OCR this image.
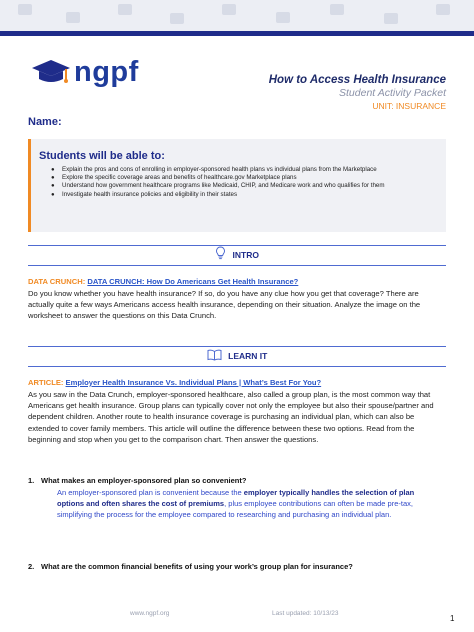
ngpf	How to Access Health Insurance
Student Activity Packet
UNIT: INSURANCE
Name:
Students will be able to:
● Explain the pros and cons of enrolling in employer-sponsored health plans vs individual plans from the Marketplace
● Explore the specific coverage areas and benefits of healthcare.gov Marketplace plans
● Understand how government healthcare programs like Medicaid, CHIP, and Medicare work and who qualifies for them
● Investigate health insurance policies and eligibility in their states
INTRO
DATA CRUNCH: DATA CRUNCH: How Do Americans Get Health Insurance?
Do you know whether you have health insurance? If so, do you have any clue how you get that coverage? There are actually quite a few ways Americans access health insurance, depending on their situation. Analyze the image on the worksheet to answer the questions on this Data Crunch.
LEARN IT
ARTICLE: Employer Health Insurance Vs. Individual Plans | What’s Best For You?
As you saw in the Data Crunch, employer-sponsored healthcare, also called a group plan, is the most common way that Americans get health insurance. Group plans can typically cover not only the employee but also their spouse/partner and dependent children. Another route to health insurance coverage is purchasing an individual plan, which can also be extended to cover family members. This article will outline the difference between these two options. Read from the beginning and stop when you get to the comparison chart. Then answer the questions.
1. What makes an employer-sponsored plan so convenient?
An employer-sponsored plan is convenient because the employer typically handles the selection of plan options and often shares the cost of premiums, plus employee contributions can often be made pre-tax, simplifying the process for the employee compared to researching and purchasing an individual plan.
2. What are the common financial benefits of using your work’s group plan for insurance?
www.ngpf.org	Last updated: 10/13/23
1
